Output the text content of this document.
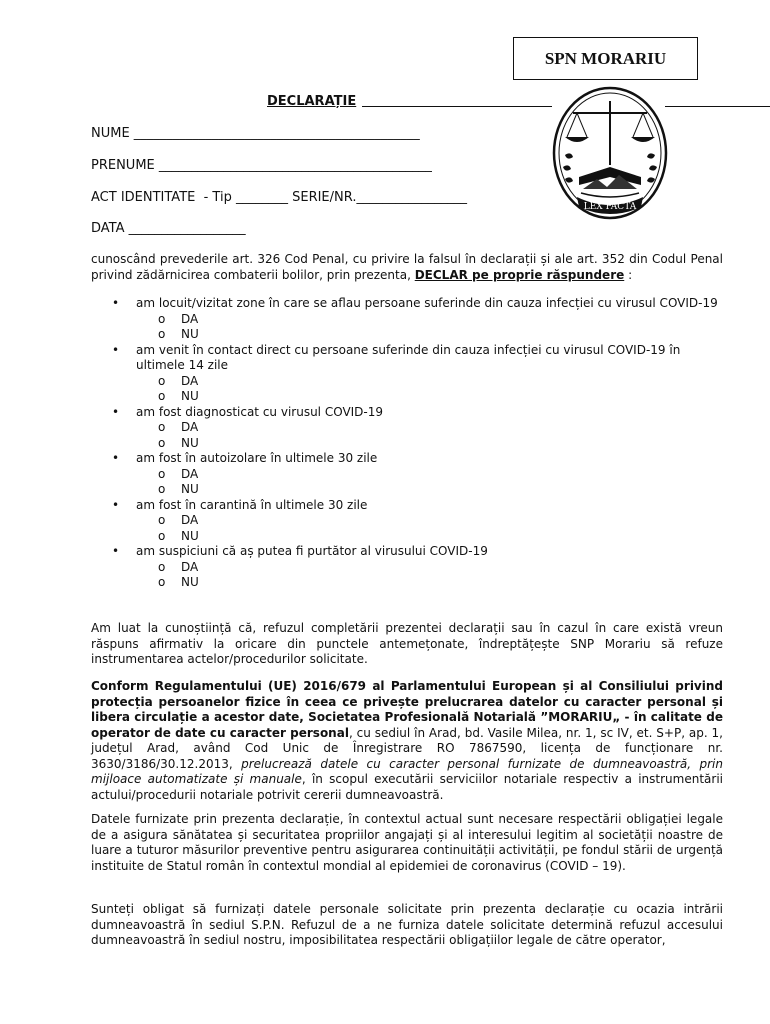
SPN MORARIU
DECLARAȚIE
LEX PACTA
NUME ____________________________________________
PRENUME __________________________________________
ACT IDENTITATE  - Tip ________ SERIE/NR._________________
DATA __________________
cunoscând prevederile art. 326 Cod Penal, cu privire la falsul în declarații și ale art. 352 din Codul Penal privind zădărnicirea combaterii bolilor, prin prezenta, DECLAR pe proprie răspundere :
• am locuit/vizitat zone în care se aflau persoane suferinde din cauza infecției cu virusul COVID-19
o DA
o NU
• am venit în contact direct cu persoane suferinde din cauza infecției cu virusul COVID-19 în ultimele 14 zile
o DA
o NU
• am fost diagnosticat cu virusul COVID-19
o DA
o NU
• am fost în autoizolare în ultimele 30 zile
o DA
o NU
• am fost în carantină în ultimele 30 zile
o DA
o NU
• am suspiciuni că aș putea fi purtător al virusului COVID-19
o DA
o NU
Am luat la cunoștiință că, refuzul completării prezentei declarații sau în cazul în care există vreun răspuns afirmativ la oricare din punctele antemețonate, îndreptățește SNP Morariu să refuze instrumentarea actelor/procedurilor solicitate.
Conform Regulamentului (UE) 2016/679 al Parlamentului European și al Consiliului privind protecția persoanelor fizice în ceea ce privește prelucrarea datelor cu caracter personal și libera circulație a acestor date, Societatea Profesională Notarială ”MORARIU„ - în calitate de operator de date cu caracter personal, cu sediul în Arad, bd. Vasile Milea, nr. 1, sc IV, et. S+P, ap. 1, județul Arad, având Cod Unic de Înregistrare RO 7867590, licența de funcționare nr. 3630/3186/30.12.2013, prelucrează datele cu caracter personal furnizate de dumneavoastră, prin mijloace automatizate și manuale, în scopul executării serviciilor notariale respectiv a instrumentării actului/procedurii notariale potrivit cererii dumneavoastră.
Datele furnizate prin prezenta declarație, în contextul actual sunt necesare respectării obligației legale de a asigura sănătatea și securitatea propriilor angajați și al interesului legitim al societății noastre de luare a tuturor măsurilor preventive pentru asigurarea continuității activității, pe fondul stării de urgență instituite de Statul român în contextul mondial al epidemiei de coronavirus (COVID – 19).
Sunteți obligat să furnizați datele personale solicitate prin prezenta declarație cu ocazia intrării dumneavoastră în sediul S.P.N. Refuzul de a ne furniza datele solicitate determină refuzul accesului dumneavoastră în sediul nostru, imposibilitatea respectării obligațiilor legale de către operator,
